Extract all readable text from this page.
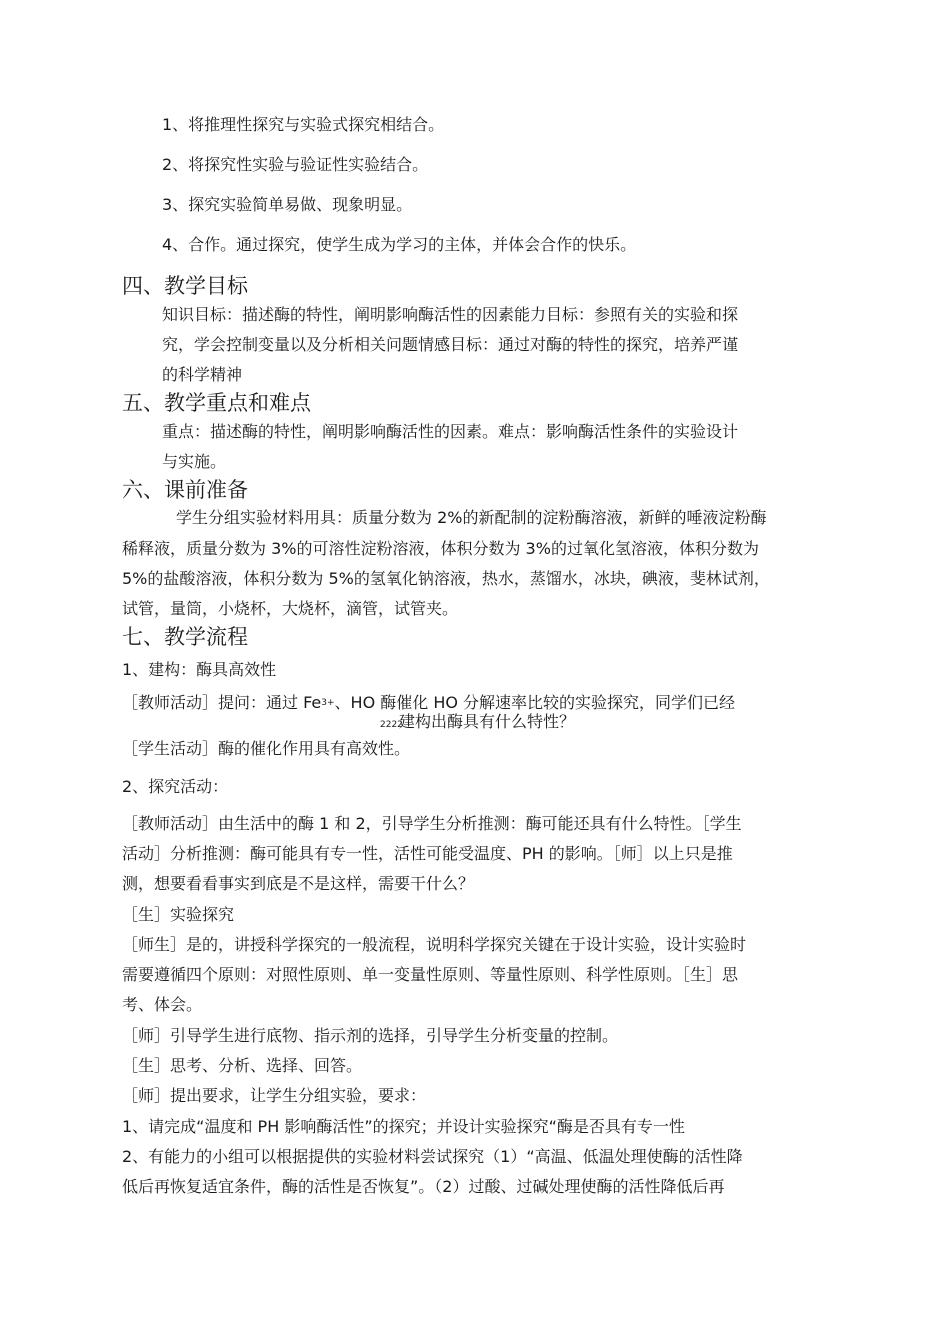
1、将推理性探究与实验式探究相结合。
2、将探究性实验与验证性实验结合。
3、探究实验简单易做、现象明显。
4、合作。通过探究，使学生成为学习的主体，并体会合作的快乐。
四、教学目标
知识目标：描述酶的特性，阐明影响酶活性的因素能力目标：参照有关的实验和探
究，学会控制变量以及分析相关问题情感目标：通过对酶的特性的探究，培养严谨
的科学精神
五、教学重点和难点
重点：描述酶的特性，阐明影响酶活性的因素。难点：影响酶活性条件的实验设计
与实施。
六、课前准备
学生分组实验材料用具：质量分数为 2%的新配制的淀粉酶溶液，新鲜的唾液淀粉酶
稀释液，质量分数为 3%的可溶性淀粉溶液，体积分数为 3%的过氧化氢溶液，体积分数为
5%的盐酸溶液，体积分数为 5%的氢氧化钠溶液，热水，蒸馏水，冰块，碘液，斐林试剂，
试管，量筒，小烧杯，大烧杯，滴管，试管夹。
七、教学流程
1、建构：酶具高效性
［教师活动］提问：通过 $Fe^{3+}$、HO 酶催化 HO 分解速率比较的实验探究，同学们已经
2222
建构出酶具有什么特性？
［学生活动］酶的催化作用具有高效性。
2、探究活动：
［教师活动］由生活中的酶 1 和 2，引导学生分析推测：酶可能还具有什么特性。［学生
活动］分析推测：酶可能具有专一性，活性可能受温度、PH 的影响。［师］以上只是推
测，想要看看事实到底是不是这样，需要干什么？
［生］实验探究
［师生］是的，讲授科学探究的一般流程，说明科学探究关键在于设计实验，设计实验时
需要遵循四个原则：对照性原则、单一变量性原则、等量性原则、科学性原则。［生］思
考、体会。
［师］引导学生进行底物、指示剂的选择，引导学生分析变量的控制。
［生］思考、分析、选择、回答。
［师］提出要求，让学生分组实验，要求：
1、请完成“温度和 PH 影响酶活性”的探究；并设计实验探究“酶是否具有专一性
2、有能力的小组可以根据提供的实验材料尝试探究（1）“高温、低温处理使酶的活性降
低后再恢复适宜条件，酶的活性是否恢复”。（2）过酸、过碱处理使酶的活性降低后再
